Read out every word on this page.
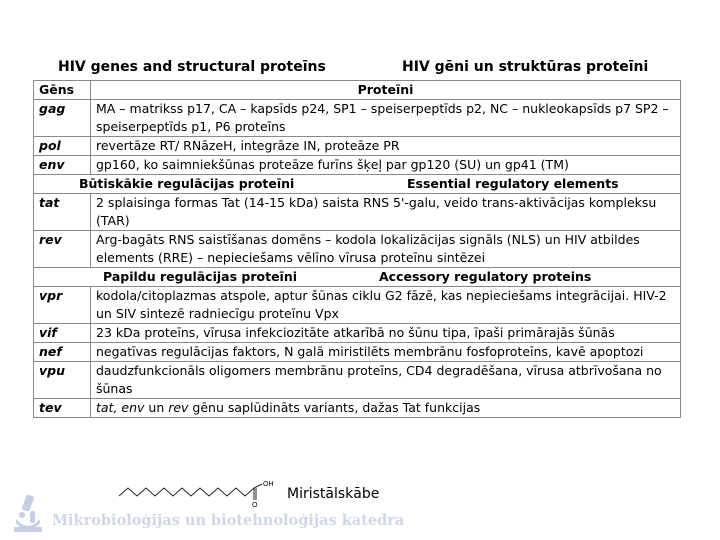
HIV genes and structural proteīns	HIV gēni un struktūras proteīni
Gēns	Proteīni
gag	MA – matrikss p17, CA – kapsīds p24, SP1 – speiserpeptīds p2, NC – nukleokapsīds p7 SP2 – speiserpeptīds p1, P6 proteīns
pol	revertāze RT/ RNāzeH, integrāze IN, proteāze PR
env	gp160, ko saimniekšūnas proteāze furīns šķeļ par gp120 (SU) un gp41 (TM)

Būtiskākie regulācijas proteīni Essential regulatory elements	

tat	2 splaisinga formas Tat (14-15 kDa) saista RNS 5'-galu, veido trans-aktivācijas kompleksu (TAR)
rev	Arg-bagāts RNS saistīšanas domēns – kodola lokalizācijas signāls (NLS) un HIV atbildes elements (RRE) – nepieciešams vēlīno vīrusa proteīnu sintēzei

Papildu regulācijas proteīni Accessory regulatory proteins	

vpr	kodola/citoplazmas atspole, aptur šūnas ciklu G2 fāzē, kas nepieciešams integrācijai. HIV-2 un SIV sintezē radniecīgu proteīnu Vpx
vif	23 kDa proteīns, vīrusa infekciozitāte atkarībā no šūnu tipa, īpaši primārajās šūnās
nef	negatīvas regulācijas faktors, N galā miristilēts membrānu fosfoproteīns, kavē apoptozi
vpu	daudzfunkcionāls oligomers membrānu proteīns, CD4 degradēšana, vīrusa atbrīvošana no šūnas
tev	tat, env un rev gēnu saplūdināts variants, dažas Tat funkcijas
OH
O
Miristālskābe
Mikrobioloģijas un biotehnoloģijas katedra
